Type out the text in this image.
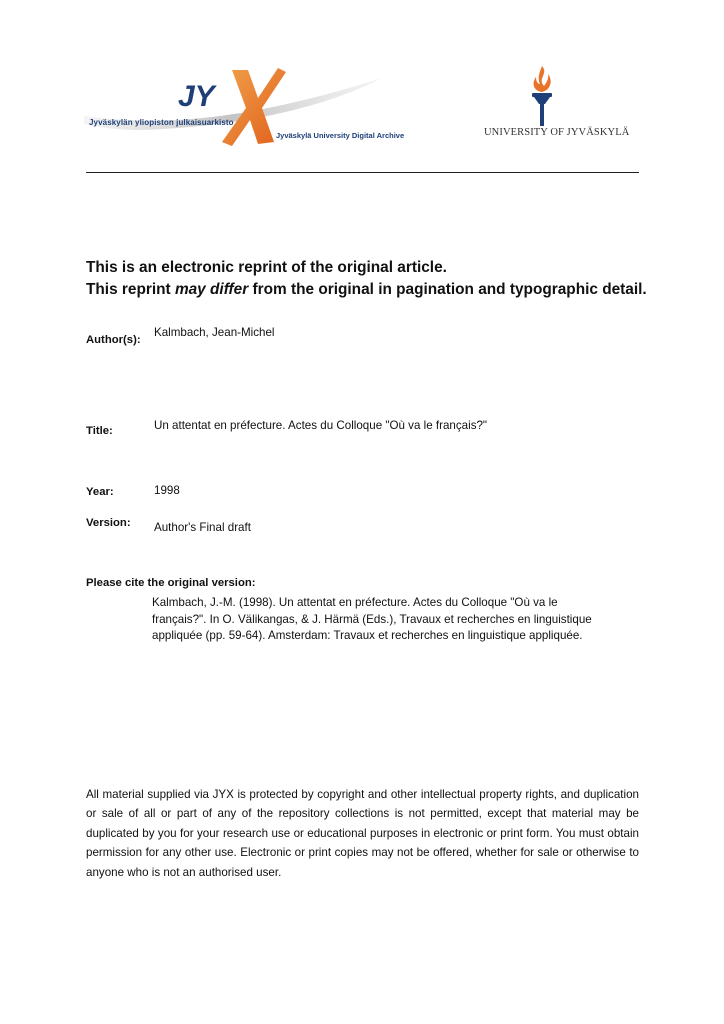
JY
Jyväskylän yliopiston julkaisuarkisto
Jyväskylä University Digital Archive	UNIVERSITY OF JYVÄSKYLÄ
This is an electronic reprint of the original article.
This reprint may differ from the original in pagination and typographic detail.
Author(s):
Kalmbach, Jean-Michel
Title:	Un attentat en préfecture. Actes du Colloque "Où va le français?"
Year:	1998
Version: Author's Final draft
Please cite the original version:
Kalmbach, J.-M. (1998). Un attentat en préfecture. Actes du Colloque "Où va le
français?". In O. Välikangas, & J. Härmä (Eds.), Travaux et recherches en linguistique
appliquée (pp. 59-64). Amsterdam: Travaux et recherches en linguistique appliquée.
All material supplied via JYX is protected by copyright and other intellectual property rights, and duplication or sale of all or part of any of the repository collections is not permitted, except that material may be duplicated by you for your research use or educational purposes in electronic or print form. You must obtain permission for any other use. Electronic or print copies may not be offered, whether for sale or otherwise to anyone who is not an authorised user.
